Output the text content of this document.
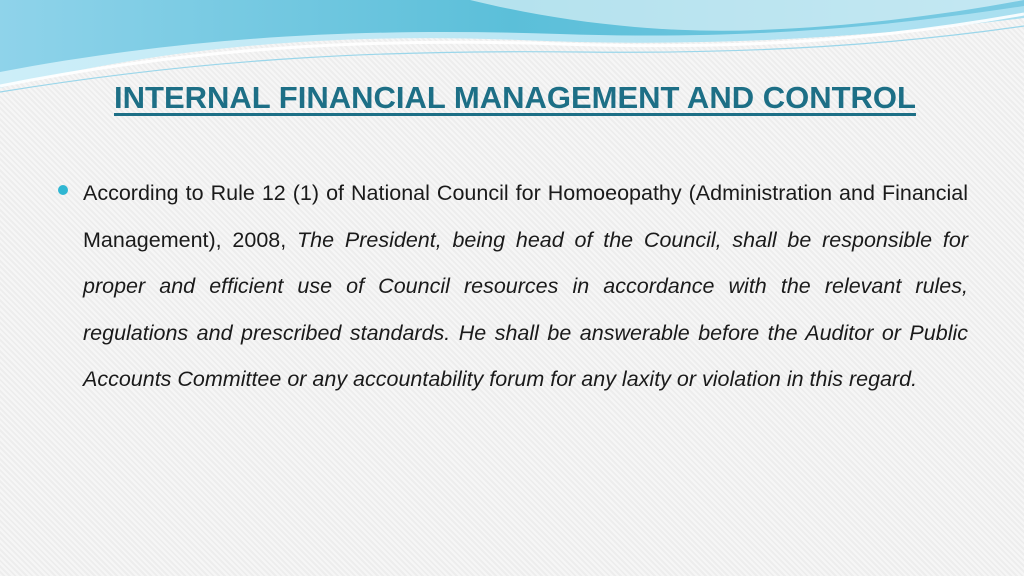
INTERNAL FINANCIAL MANAGEMENT AND CONTROL

According to Rule 12 (1) of National Council for Homoeopathy (Administration and Financial Management), 2008, The President, being head of the Council, shall be responsible for proper and efficient use of Council resources in accordance with the relevant rules, regulations and prescribed standards. He shall be answerable before the Auditor or Public Accounts Committee or any accountability forum for any laxity or violation in this regard.
